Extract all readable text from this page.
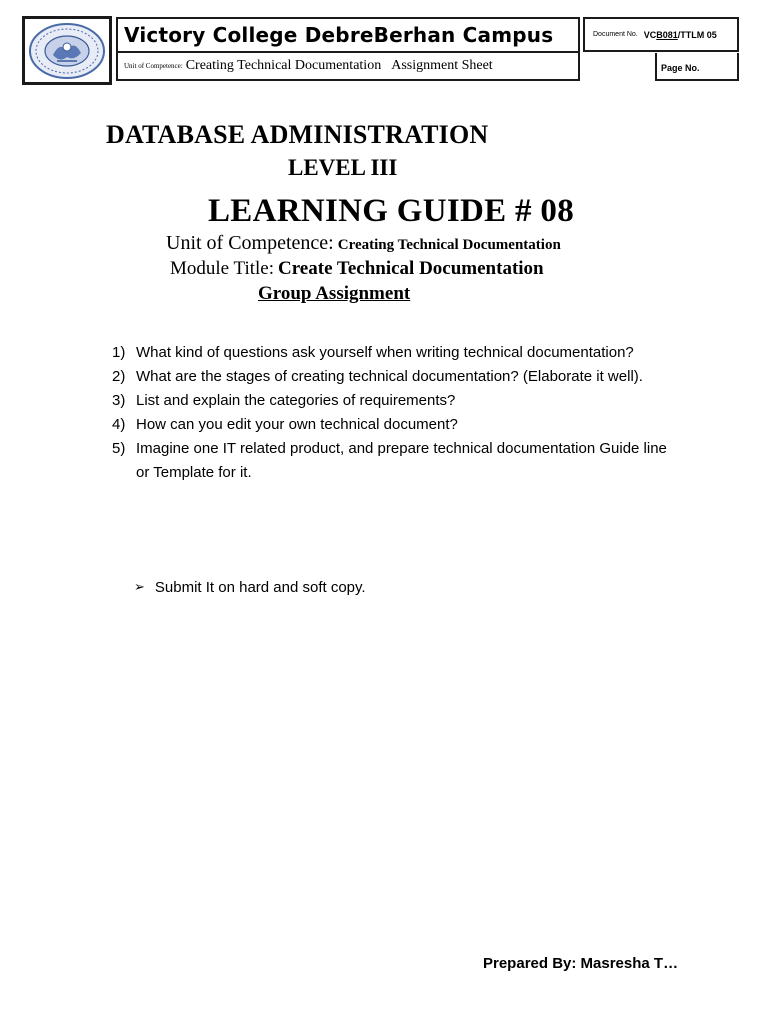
Victory College DebreBerhan Campus
Unit of Competence: Creating Technical Documentation Assignment Sheet
Document No. VCB081/TTLM 05
Page No.
DATABASE ADMINISTRATION
LEVEL III
LEARNING GUIDE # 08
Unit of Competence: Creating Technical Documentation
Module Title: Create Technical Documentation
Group Assignment
1) What kind of questions ask yourself when writing technical documentation?
2) What are the stages of creating technical documentation? (Elaborate it well).
3) List and explain the categories of requirements?
4) How can you edit your own technical document?
5) Imagine one IT related product, and prepare technical documentation Guide line or Template for it.
➢ Submit It on hard and soft copy.
Prepared By: Masresha T…
